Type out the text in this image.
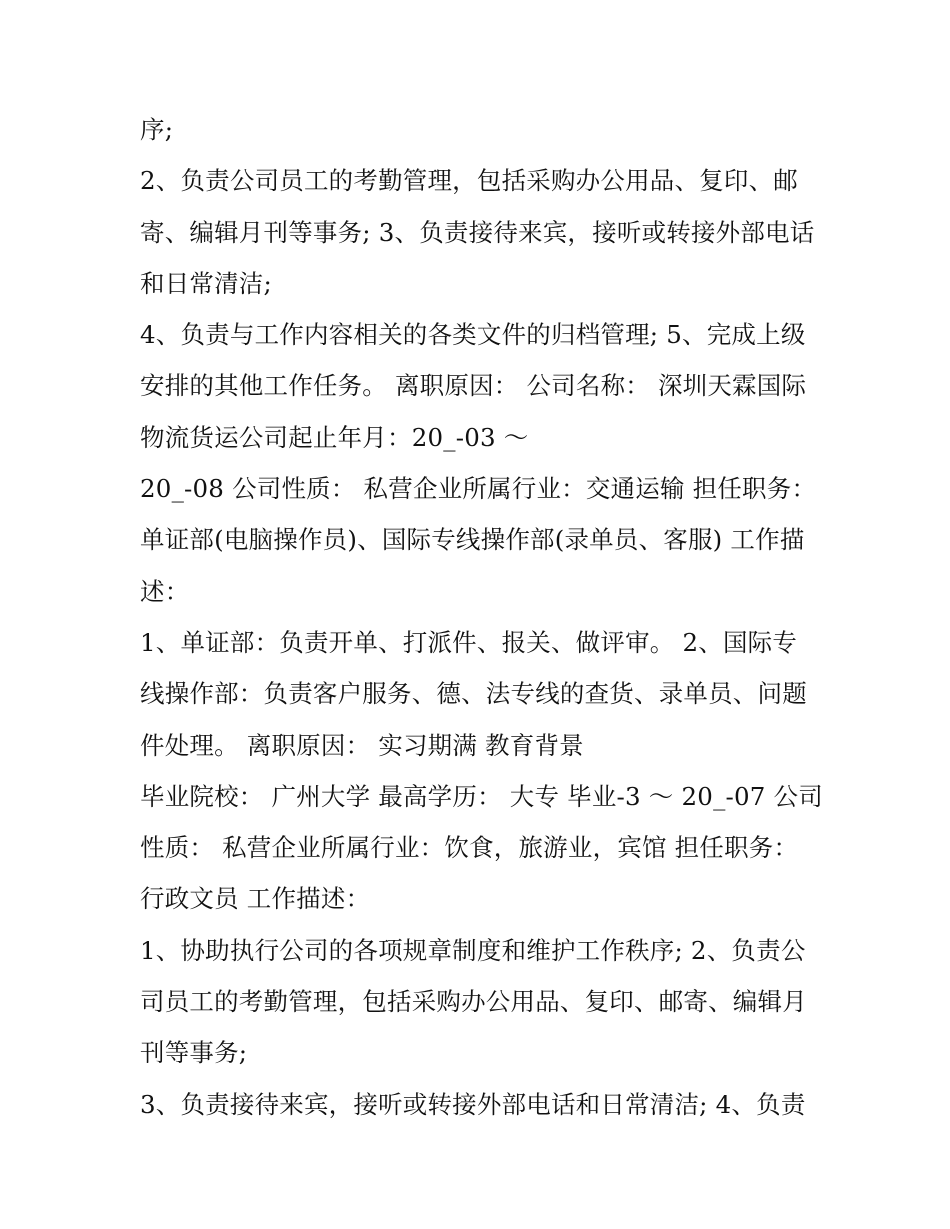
序;
2、负责公司员工的考勤管理，包括采购办公用品、复印、邮
寄、编辑月刊等事务; 3、负责接待来宾，接听或转接外部电话
和日常清洁;
4、负责与工作内容相关的各类文件的归档管理; 5、完成上级
安排的其他工作任务。 离职原因： 公司名称： 深圳天霖国际
物流货运公司起止年月：20_-03 ～
20_-08 公司性质： 私营企业所属行业：交通运输 担任职务：
单证部(电脑操作员)、国际专线操作部(录单员、客服) 工作描
述：
1、单证部：负责开单、打派件、报关、做评审。 2、国际专
线操作部：负责客户服务、德、法专线的查货、录单员、问题
件处理。 离职原因： 实习期满 教育背景
毕业院校： 广州大学 最高学历： 大专 毕业-3 ～ 20_-07 公司
性质： 私营企业所属行业：饮食，旅游业，宾馆 担任职务：
行政文员 工作描述：
1、协助执行公司的各项规章制度和维护工作秩序; 2、负责公
司员工的考勤管理，包括采购办公用品、复印、邮寄、编辑月
刊等事务;
3、负责接待来宾，接听或转接外部电话和日常清洁; 4、负责
